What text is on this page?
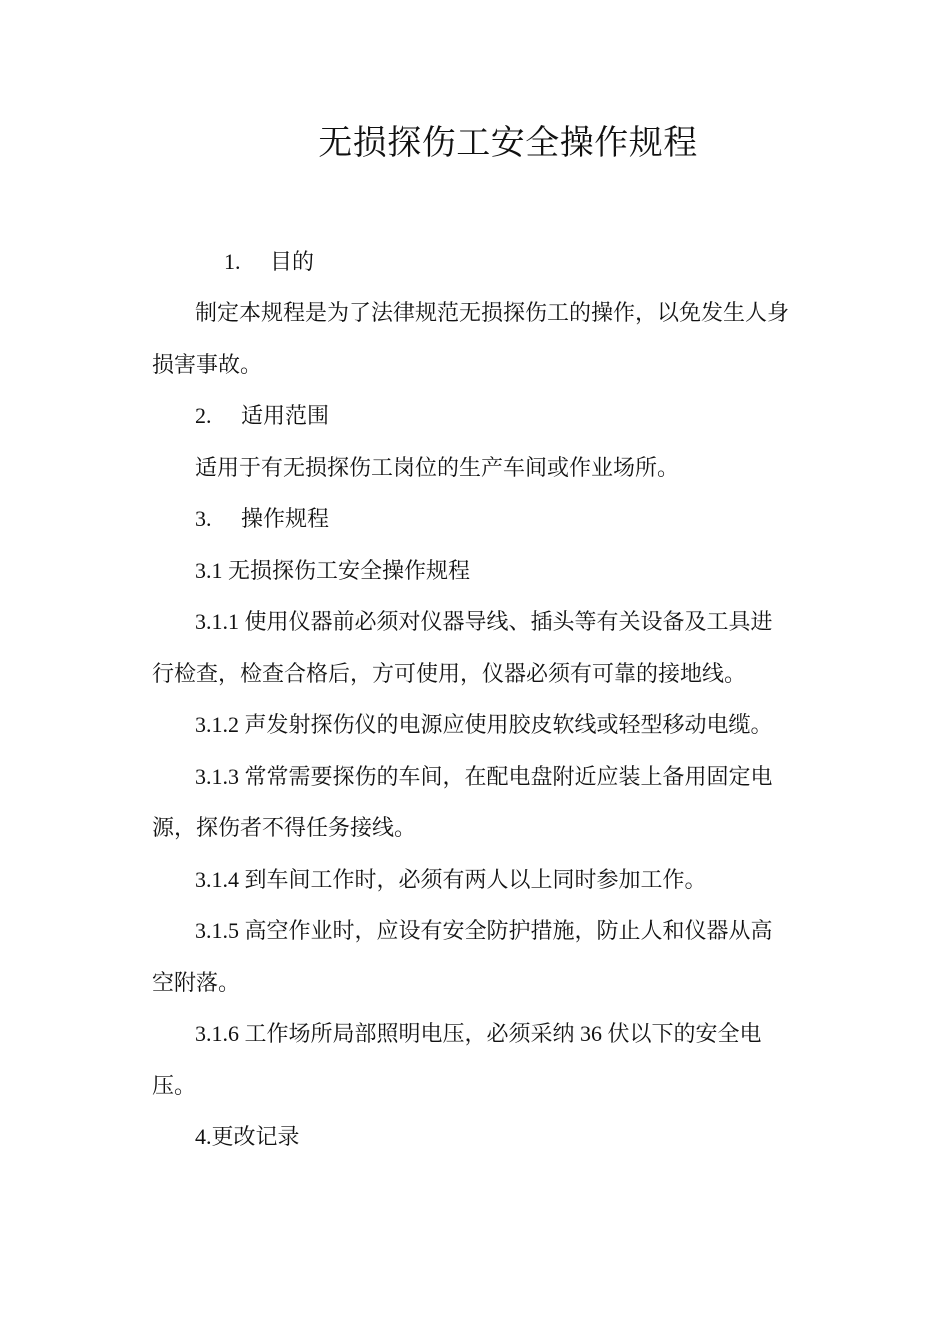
无损探伤工安全操作规程
1. 目的
制定本规程是为了法律规范无损探伤工的操作，以免发生人身
损害事故。
2. 适用范围
适用于有无损探伤工岗位的生产车间或作业场所。
3. 操作规程
3.1 无损探伤工安全操作规程
3.1.1 使用仪器前必须对仪器导线、插头等有关设备及工具进
行检查，检查合格后，方可使用，仪器必须有可靠的接地线。
3.1.2 声发射探伤仪的电源应使用胶皮软线或轻型移动电缆。
3.1.3 常常需要探伤的车间，在配电盘附近应装上备用固定电
源，探伤者不得任务接线。
3.1.4 到车间工作时，必须有两人以上同时参加工作。
3.1.5 高空作业时，应设有安全防护措施，防止人和仪器从高
空附落。
3.1.6 工作场所局部照明电压，必须采纳 36 伏以下的安全电
压。
4.更改记录
